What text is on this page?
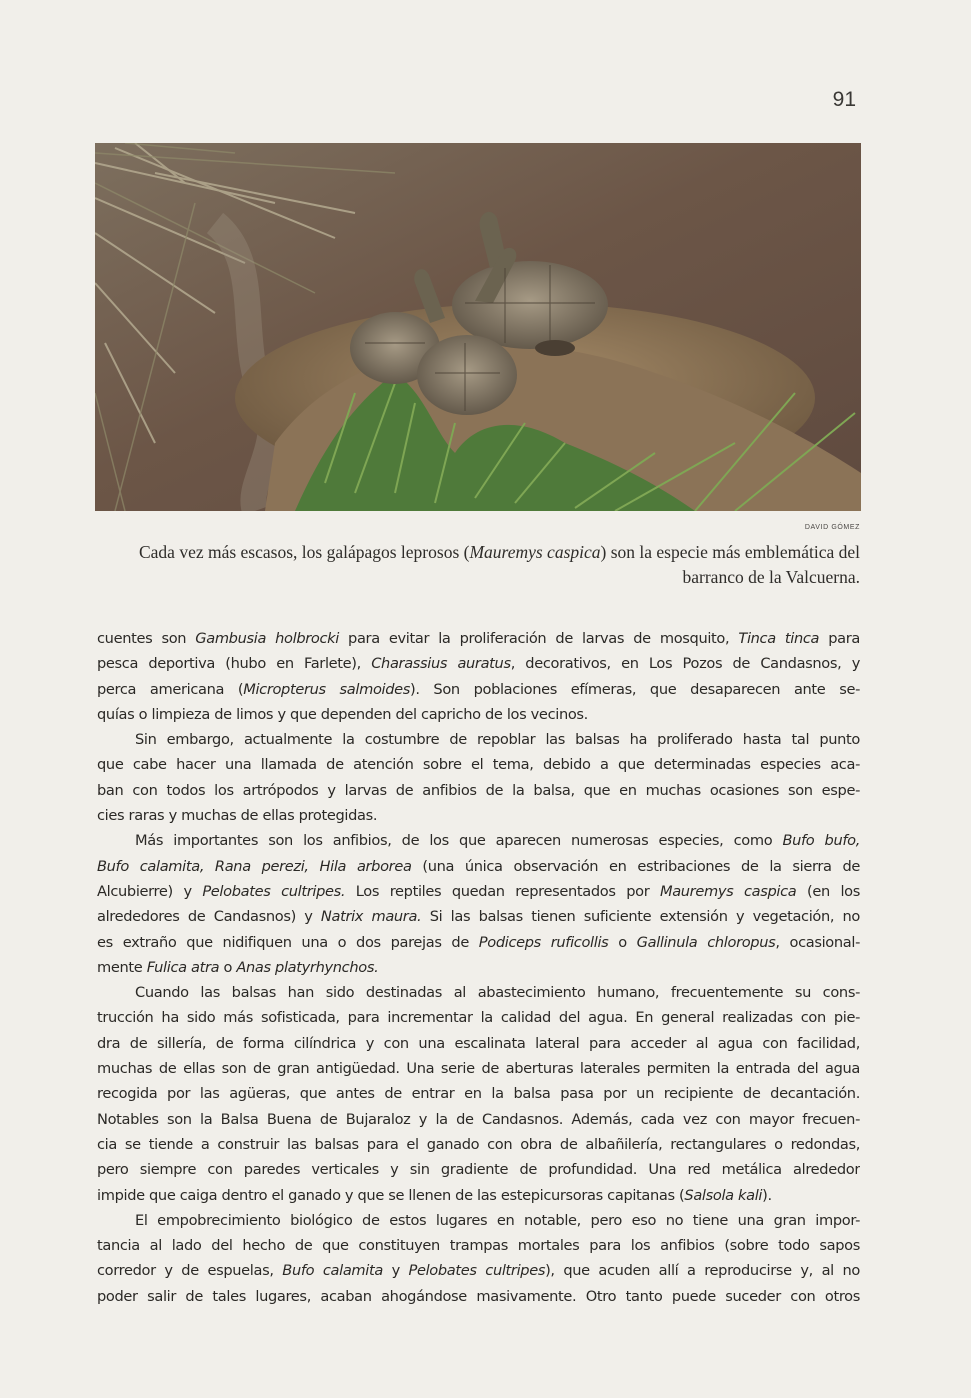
91
DAVID GÓMEZ
Cada vez más escasos, los galápagos leprosos (Mauremys caspica) son la especie más emblemática del
barranco de la Valcuerna.
cuentes son Gambusia holbrocki para evitar la proliferación de larvas de mosquito, Tinca tinca para
pesca deportiva (hubo en Farlete), Charassius auratus, decorativos, en Los Pozos de Candasnos, y
perca americana (Micropterus salmoides). Son poblaciones efímeras, que desaparecen ante se-
quías o limpieza de limos y que dependen del capricho de los vecinos.
Sin embargo, actualmente la costumbre de repoblar las balsas ha proliferado hasta tal punto
que cabe hacer una llamada de atención sobre el tema, debido a que determinadas especies aca-
ban con todos los artrópodos y larvas de anfibios de la balsa, que en muchas ocasiones son espe-
cies raras y muchas de ellas protegidas.
Más importantes son los anfibios, de los que aparecen numerosas especies, como Bufo bufo,
Bufo calamita, Rana perezi, Hila arborea (una única observación en estribaciones de la sierra de
Alcubierre) y Pelobates cultripes. Los reptiles quedan representados por Mauremys caspica (en los
alrededores de Candasnos) y Natrix maura. Si las balsas tienen suficiente extensión y vegetación, no
es extraño que nidifiquen una o dos parejas de Podiceps ruficollis o Gallinula chloropus, ocasional-
mente Fulica atra o Anas platyrhynchos.
Cuando las balsas han sido destinadas al abastecimiento humano, frecuentemente su cons-
trucción ha sido más sofisticada, para incrementar la calidad del agua. En general realizadas con pie-
dra de sillería, de forma cilíndrica y con una escalinata lateral para acceder al agua con facilidad,
muchas de ellas son de gran antigüedad. Una serie de aberturas laterales permiten la entrada del agua
recogida por las agüeras, que antes de entrar en la balsa pasa por un recipiente de decantación.
Notables son la Balsa Buena de Bujaraloz y la de Candasnos. Además, cada vez con mayor frecuen-
cia se tiende a construir las balsas para el ganado con obra de albañilería, rectangulares o redondas,
pero siempre con paredes verticales y sin gradiente de profundidad. Una red metálica alrededor
impide que caiga dentro el ganado y que se llenen de las estepicursoras capitanas (Salsola kali).
El empobrecimiento biológico de estos lugares en notable, pero eso no tiene una gran impor-
tancia al lado del hecho de que constituyen trampas mortales para los anfibios (sobre todo sapos
corredor y de espuelas, Bufo calamita y Pelobates cultripes), que acuden allí a reproducirse y, al no
poder salir de tales lugares, acaban ahogándose masivamente. Otro tanto puede suceder con otros
